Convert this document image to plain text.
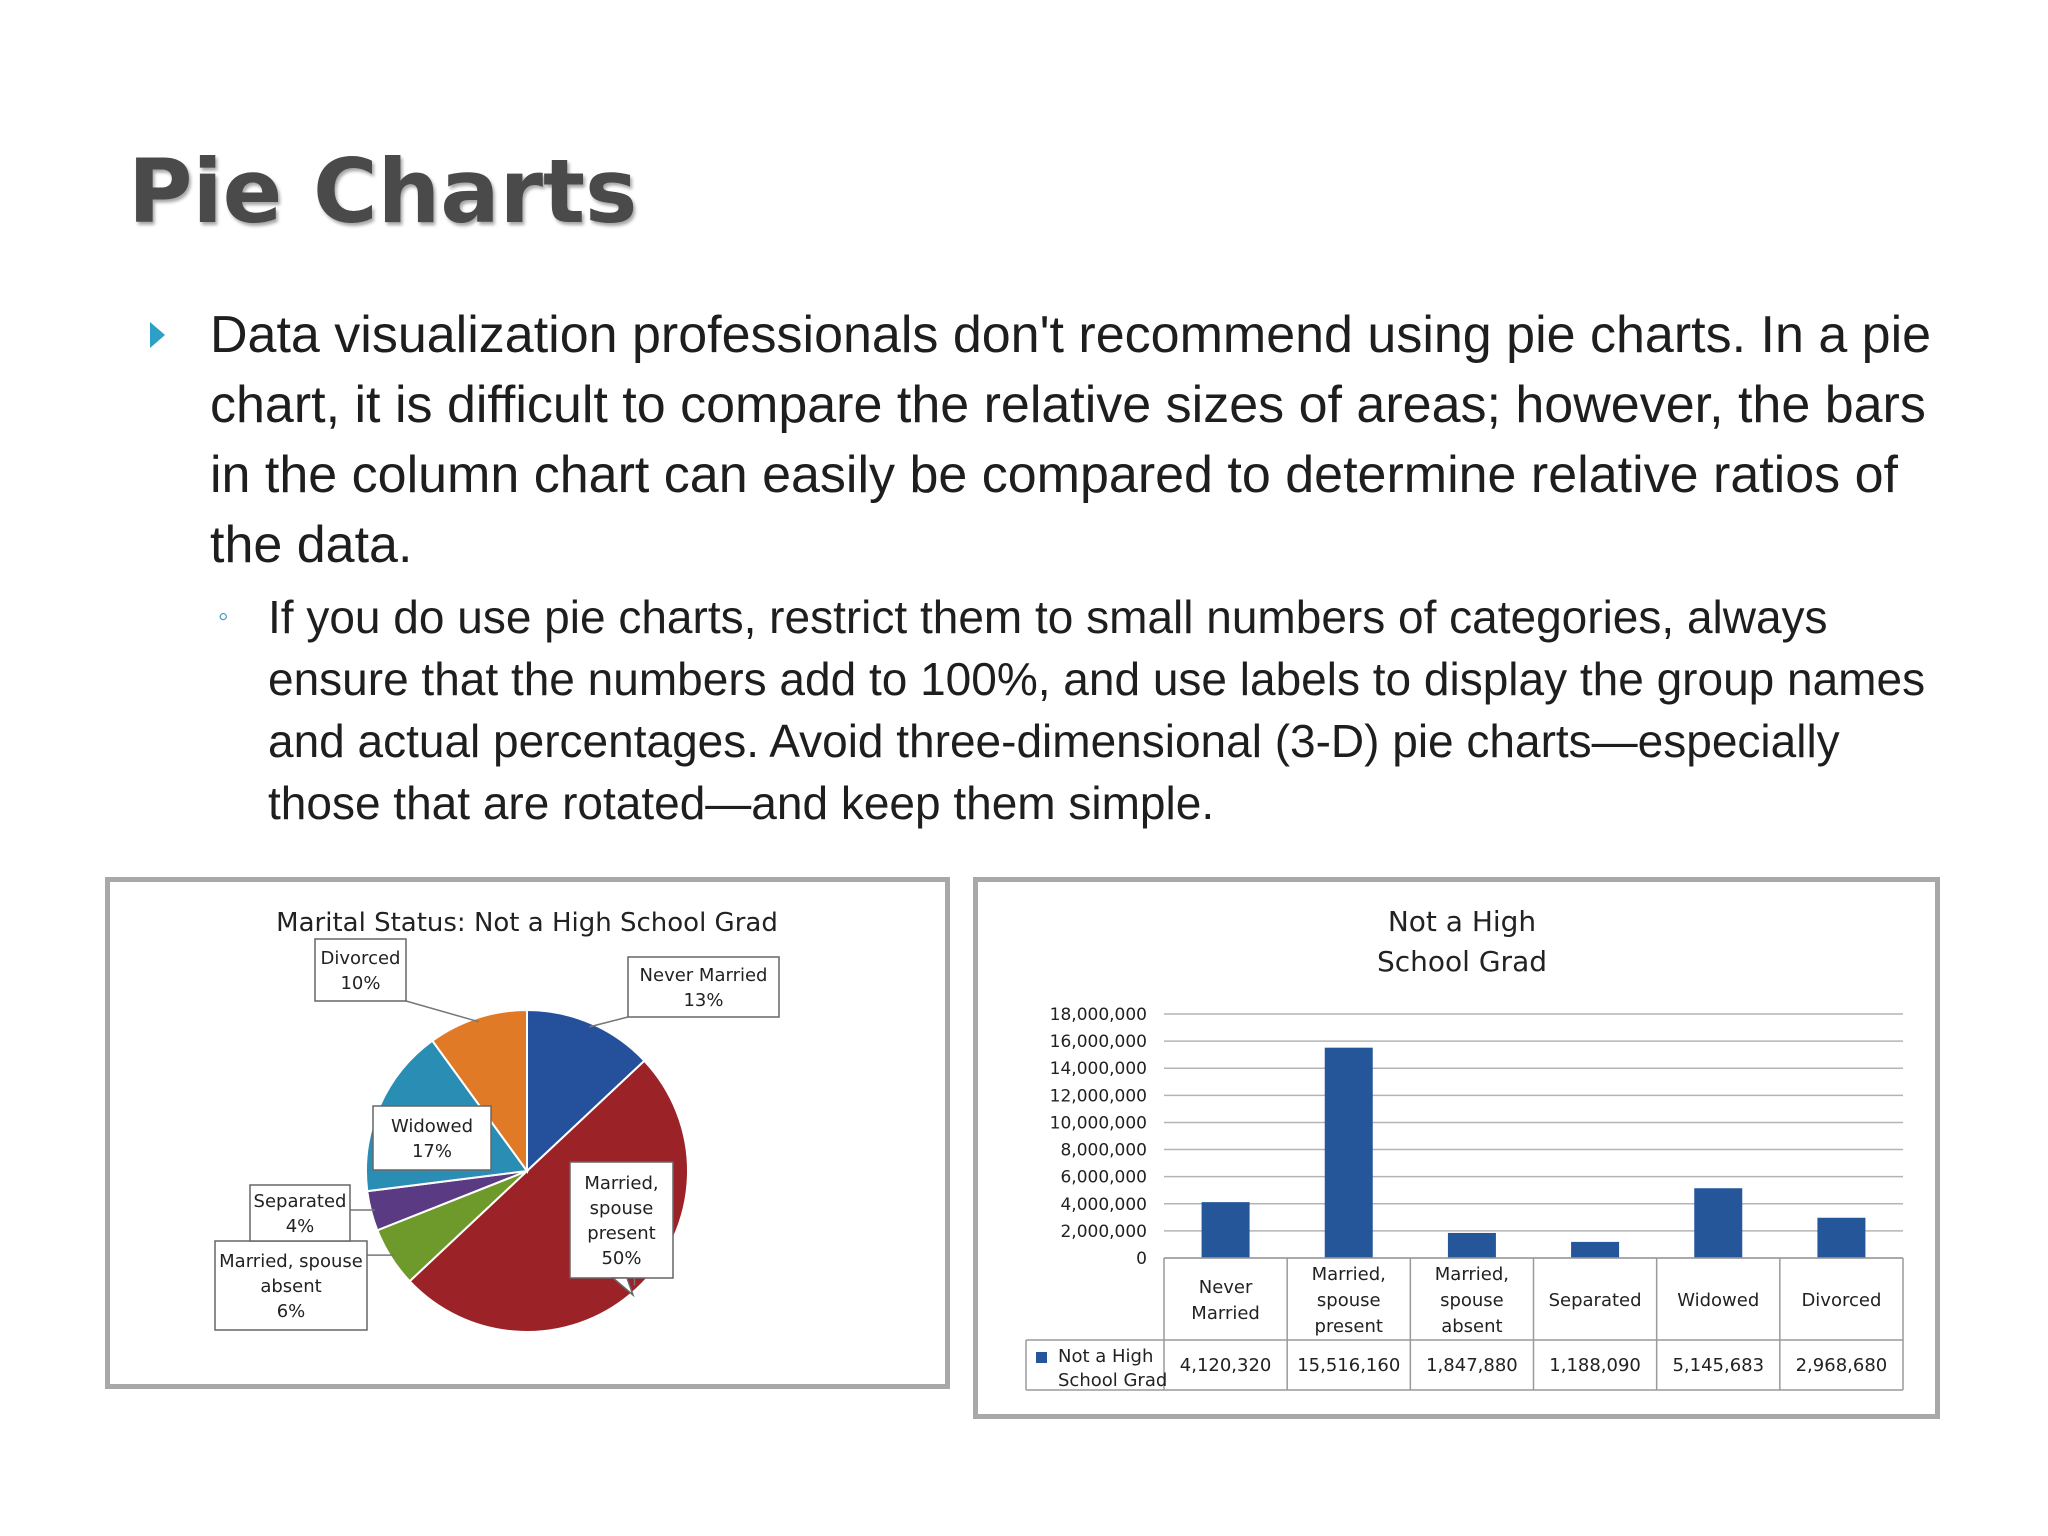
Pie Charts
Data visualization professionals don't recommend using pie charts. In a pie chart, it is difficult to compare the relative sizes of areas; however, the bars in the column chart can easily be compared to determine relative ratios of the data.
◦ If you do use pie charts, restrict them to small numbers of categories, always ensure that the numbers add to 100%, and use labels to display the group names and actual percentages. Avoid three-dimensional (3-D) pie charts—especially those that are rotated—and keep them simple.
Marital Status: Not a High School Grad
Never Married
13%
Married,
spouse
present
50%
Married, spouse
absent
6%
Separated
4%
Widowed
17%
Divorced
10%
Not a High
School Grad
0
2,000,000
4,000,000
6,000,000
8,000,000
10,000,000
12,000,000
14,000,000
16,000,000
18,000,000
Never
Married
4,120,320
Married,
spouse
present
15,516,160
Married,
spouse
absent
1,847,880
Separated
1,188,090
Widowed
5,145,683
Divorced
2,968,680
Not a High
School Grad
